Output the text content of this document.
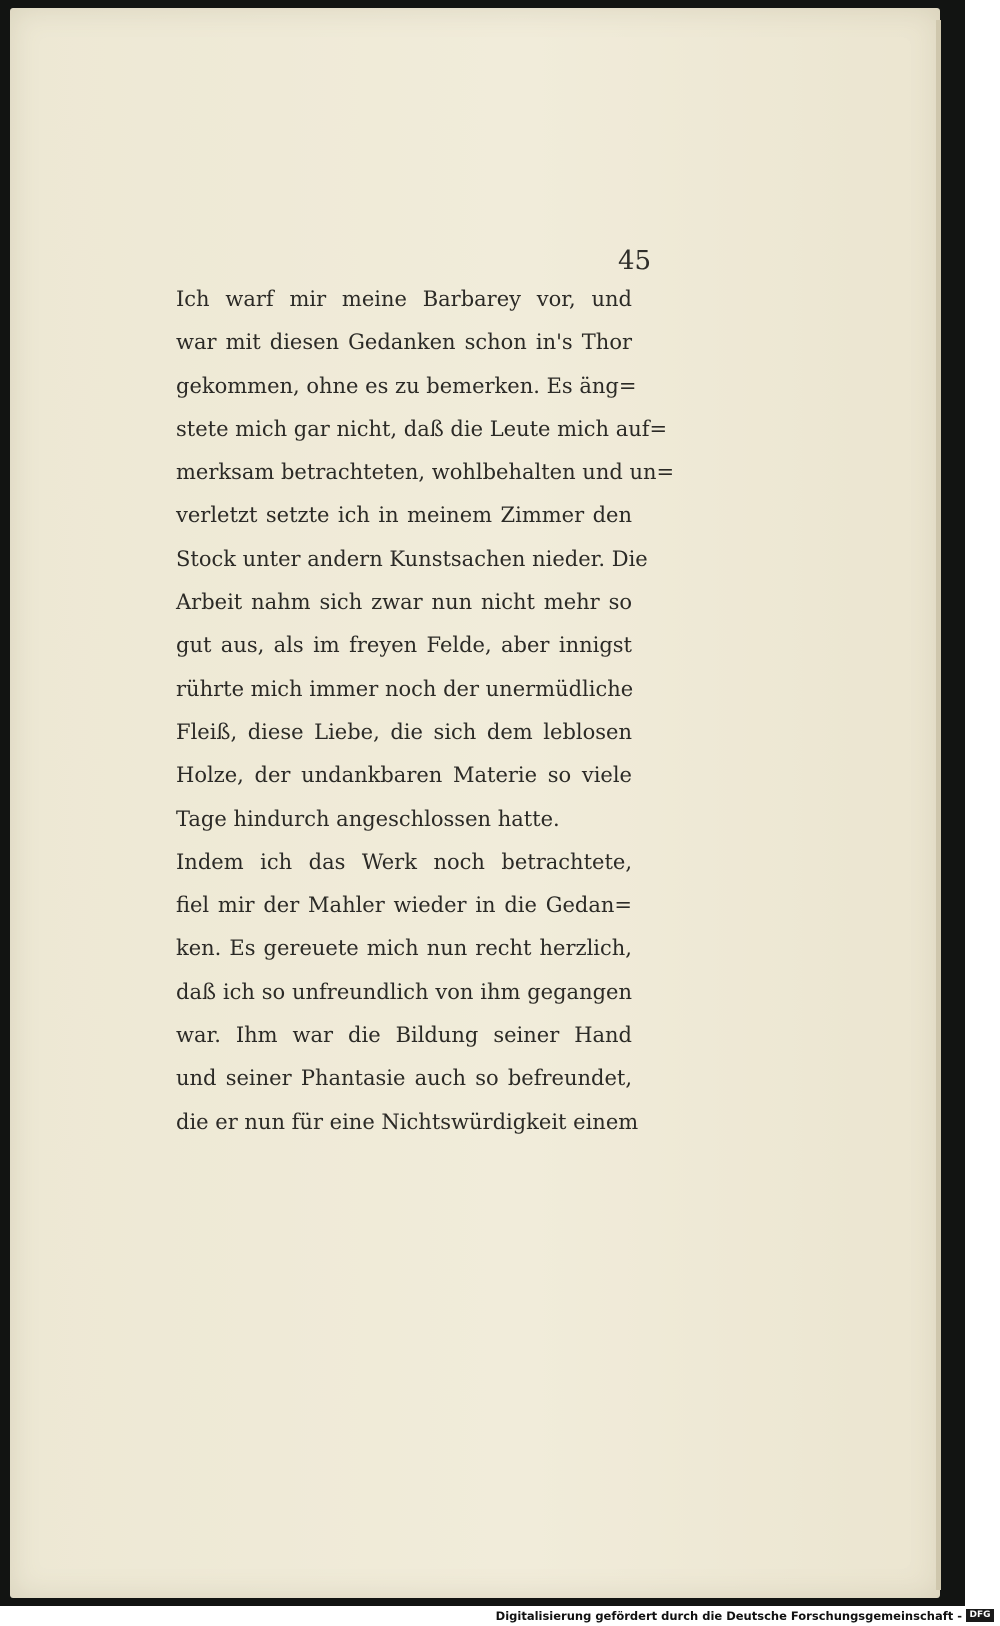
45
Ich warf mir meine Barbarey vor, und
war mit diesen Gedanken schon in's Thor
gekommen, ohne es zu bemerken. Es äng=
stete mich gar nicht, daß die Leute mich auf=
merksam betrachteten, wohlbehalten und un=
verletzt setzte ich in meinem Zimmer den
Stock unter andern Kunstsachen nieder. Die
Arbeit nahm sich zwar nun nicht mehr so
gut aus, als im freyen Felde, aber innigst
rührte mich immer noch der unermüdliche
Fleiß, diese Liebe, die sich dem leblosen
Holze, der undankbaren Materie so viele
Tage hindurch angeschlossen hatte.
Indem ich das Werk noch betrachtete,
fiel mir der Mahler wieder in die Gedan=
ken. Es gereuete mich nun recht herzlich,
daß ich so unfreundlich von ihm gegangen
war. Ihm war die Bildung seiner Hand
und seiner Phantasie auch so befreundet,
die er nun für eine Nichtswürdigkeit einem
Digitalisierung gefördert durch die Deutsche Forschungsgemeinschaft - DFG
